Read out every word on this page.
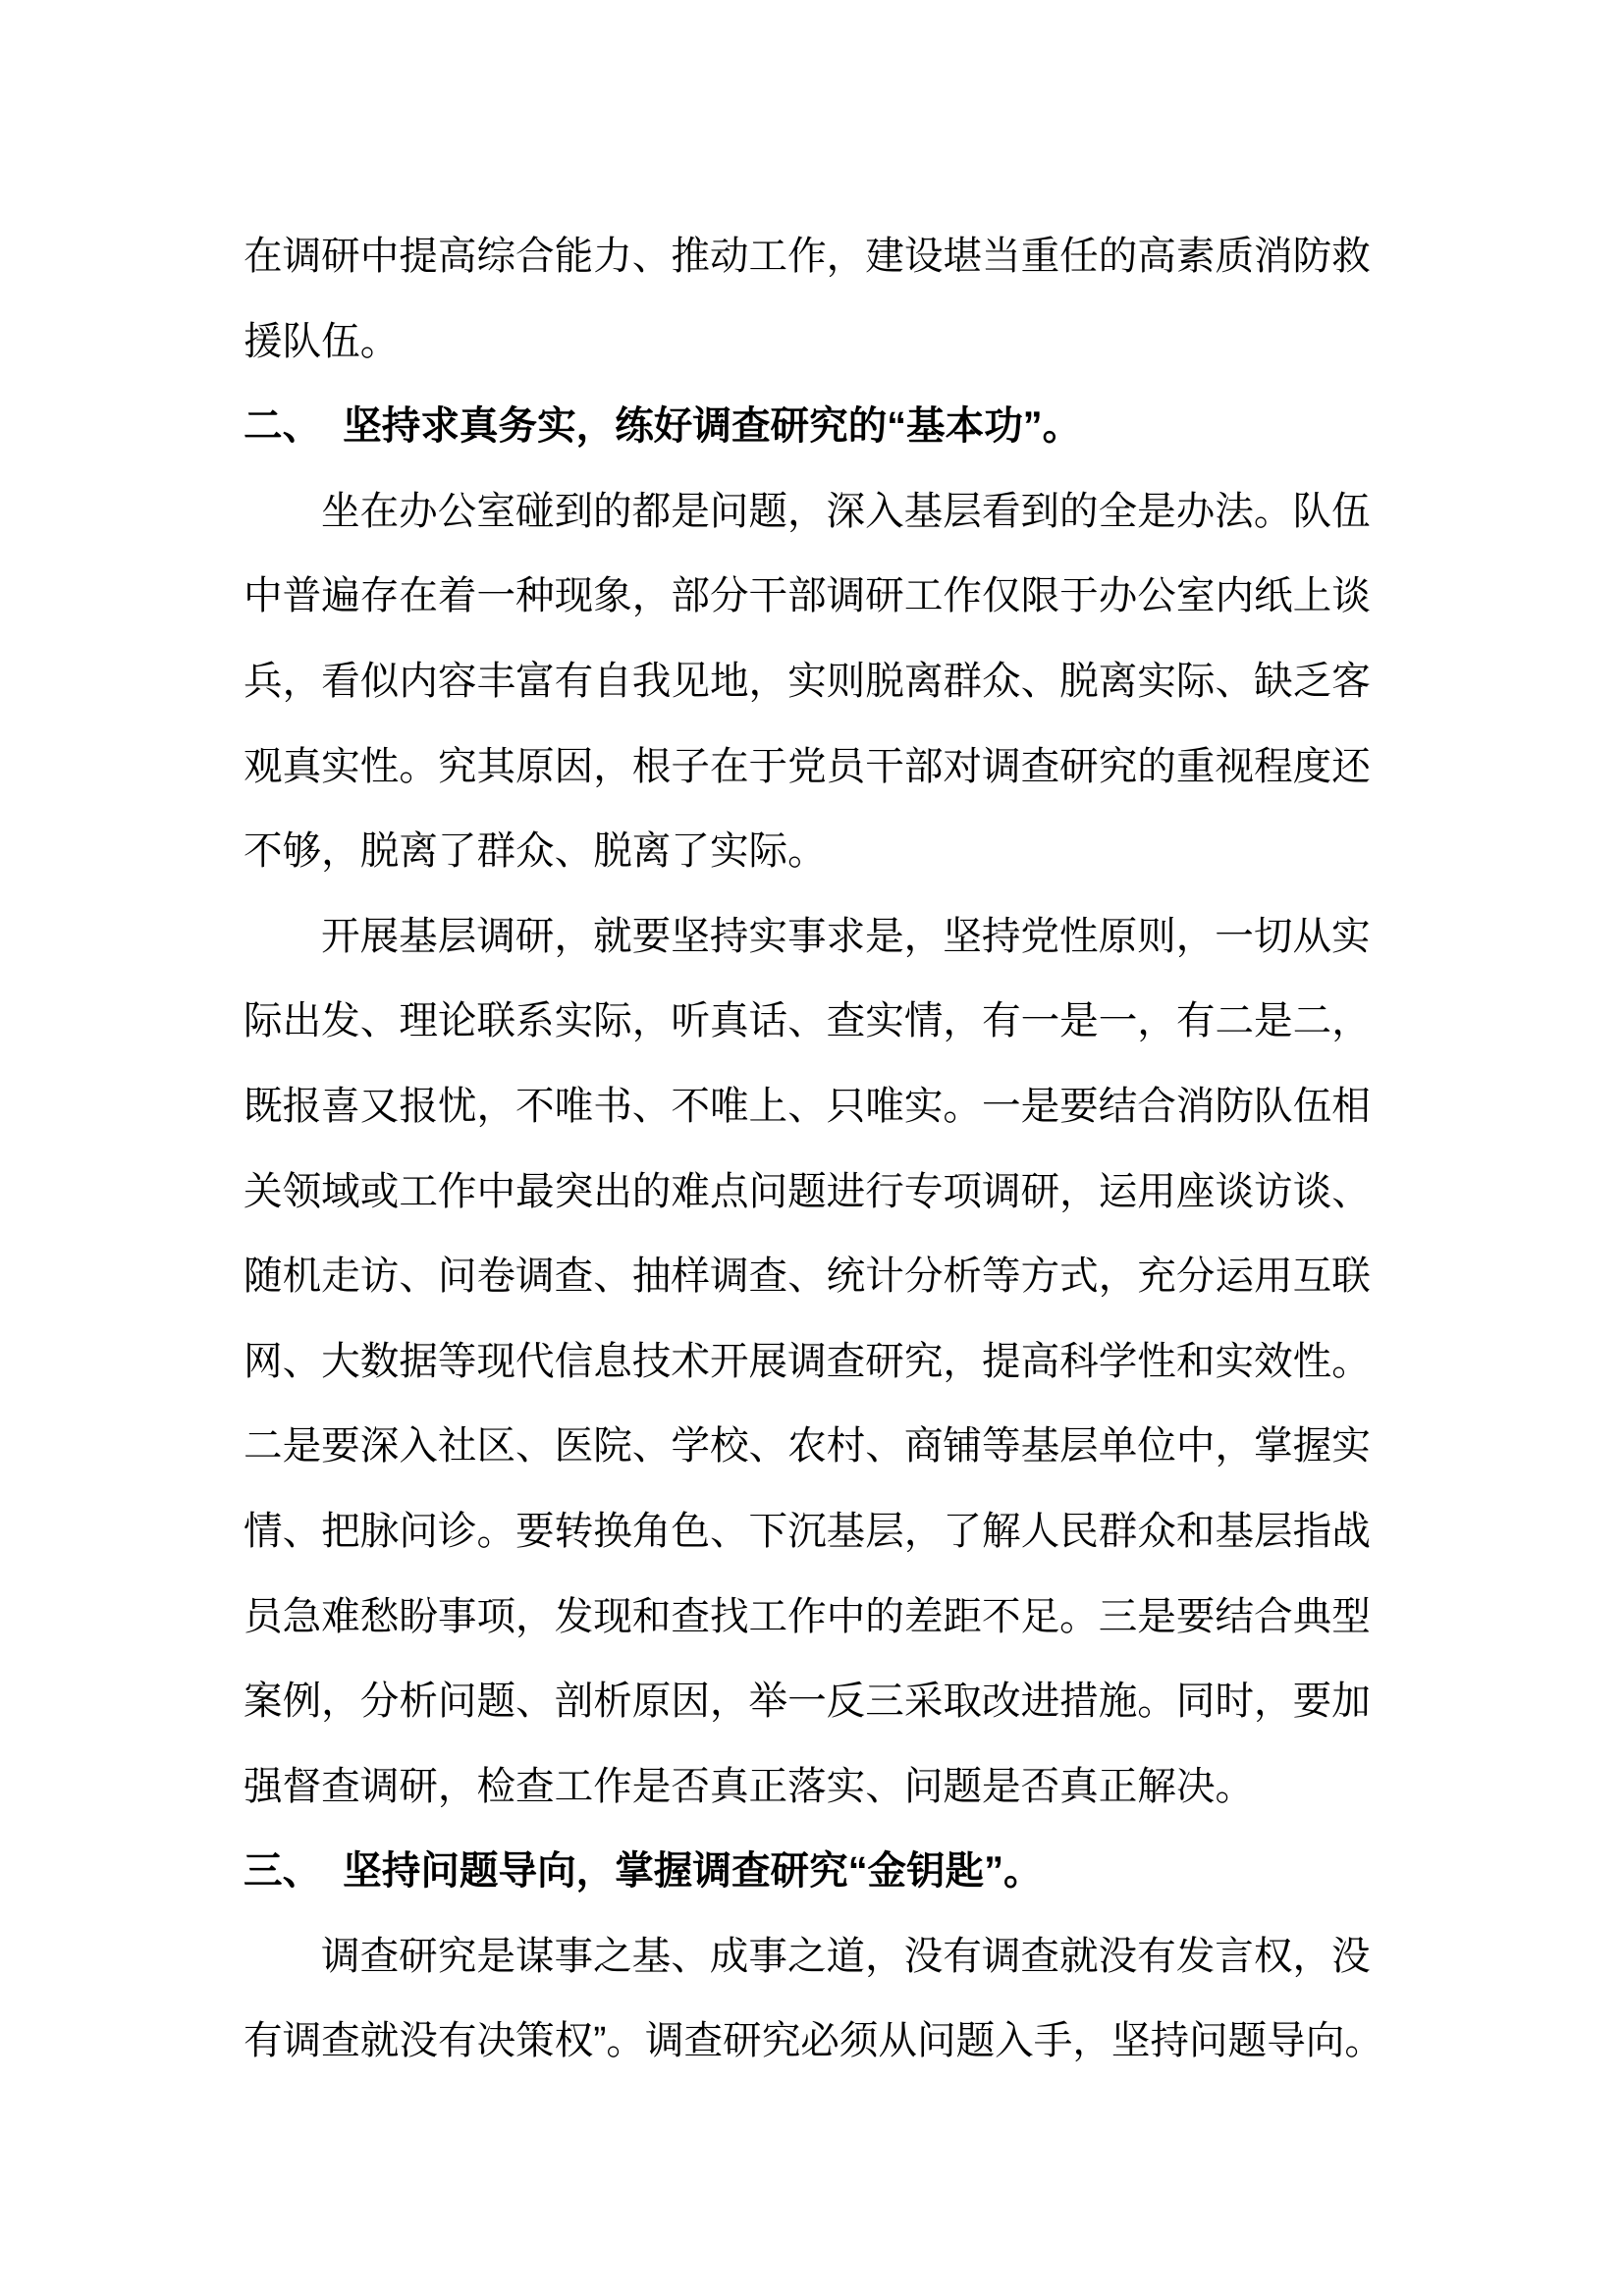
在调研中提高综合能力、推动工作，建设堪当重任的高素质消防救

援队伍。

二、 坚持求真务实，练好调查研究的“基本功”。

坐在办公室碰到的都是问题，深入基层看到的全是办法。队伍

中普遍存在着一种现象，部分干部调研工作仅限于办公室内纸上谈

兵，看似内容丰富有自我见地，实则脱离群众、脱离实际、缺乏客

观真实性。究其原因，根子在于党员干部对调查研究的重视程度还

不够，脱离了群众、脱离了实际。

开展基层调研，就要坚持实事求是，坚持党性原则，一切从实

际出发、理论联系实际，听真话、查实情，有一是一，有二是二，

既报喜又报忧，不唯书、不唯上、只唯实。一是要结合消防队伍相

关领域或工作中最突出的难点问题进行专项调研，运用座谈访谈、

随机走访、问卷调查、抽样调查、统计分析等方式，充分运用互联

网、大数据等现代信息技术开展调查研究，提高科学性和实效性。

二是要深入社区、医院、学校、农村、商铺等基层单位中，掌握实

情、把脉问诊。要转换角色、下沉基层，了解人民群众和基层指战

员急难愁盼事项，发现和查找工作中的差距不足。三是要结合典型

案例，分析问题、剖析原因，举一反三采取改进措施。同时，要加

强督查调研，检查工作是否真正落实、问题是否真正解决。

三、 坚持问题导向，掌握调查研究“金钥匙”。

调查研究是谋事之基、成事之道，没有调查就没有发言权，没

有调查就没有决策权”。调查研究必须从问题入手，坚持问题导向。
